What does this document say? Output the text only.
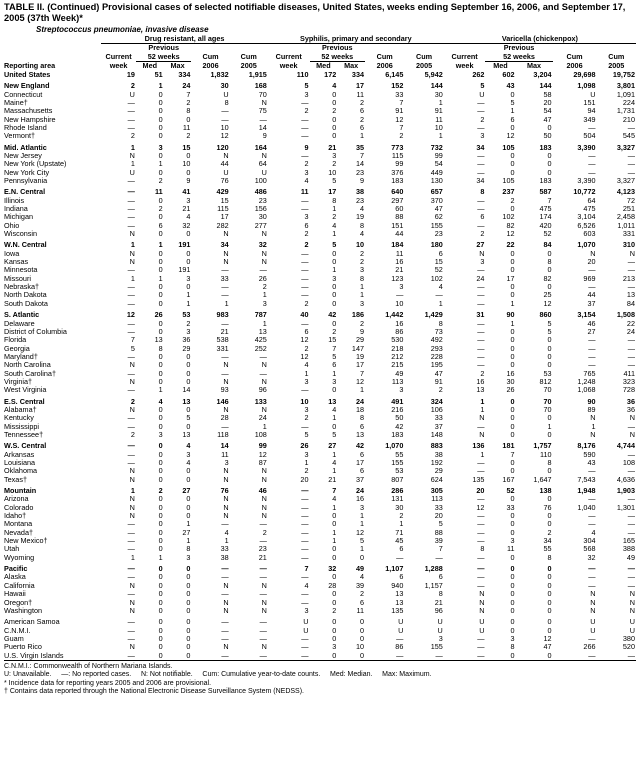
TABLE II. (Continued) Provisional cases of selected notifiable diseases, United States, weeks ending September 16, 2006, and September 17,
2005 (37th Week)*
Streptococcus pneumoniae, invasive disease

	Drug resistant, all ages					Syphilis, primary and secondary					Varicella (chickenpox)				

		Previous					Previous					Previous			
	Current	52 weeks		Cum	Cum	Current	52 weeks		Cum	Cum	Current	52 weeks		Cum	Cum
Reporting area	week	Med	Max	2006	2005	week	Med	Max	2006	2005	week	Med	Max	2006	2005
United States	19	51	334	1,832	1,915	110	172	334	6,145	5,942	262	602	3,204	29,698	19,752

New England	2	1	24	30	168	5	4	17	152	144	5	43	144	1,098	3,801
Connecticut	U	0	7	U	70	3	0	11	33	30	U	0	58	U	1,091
Maine†	—	0	2	8	N	—	0	2	7	1	—	5	20	151	224
Massachusetts	—	0	8	—	75	2	2	6	91	91	—	1	54	94	1,731
New Hampshire	—	0	0	—	—	—	0	2	12	11	2	6	47	349	210
Rhode Island	—	0	11	10	14	—	0	6	7	10	—	0	0	—	—
Vermont†	2	0	2	12	9	—	0	1	2	1	3	12	50	504	545

Mid. Atlantic	1	3	15	120	164	9	21	35	773	732	34	105	183	3,390	3,327
New Jersey	N	0	0	N	N	—	3	7	115	99	—	0	0	—	—
New York (Upstate)	1	1	10	44	64	2	2	14	99	54	—	0	0	—	—
New York City	U	0	0	U	U	3	10	23	376	449	—	0	0	—	—
Pennsylvania	—	2	9	76	100	4	5	9	183	130	34	105	183	3,390	3,327

E.N. Central	—	11	41	429	486	11	17	38	640	657	8	237	587	10,772	4,123
Illinois	—	0	3	15	23	—	8	23	297	370	—	2	7	64	72
Indiana	—	2	21	115	156	—	1	4	60	47	—	0	475	475	251
Michigan	—	0	4	17	30	3	2	19	88	62	6	102	174	3,104	2,458
Ohio	—	6	32	282	277	6	4	8	151	155	—	82	420	6,526	1,011
Wisconsin	N	0	0	N	N	2	1	4	44	23	2	12	52	603	331

W.N. Central	1	1	191	34	32	2	5	10	184	180	27	22	84	1,070	310
Iowa	N	0	0	N	N	—	0	2	11	6	N	0	0	N	N
Kansas	N	0	0	N	N	—	0	2	16	15	3	0	8	20	—
Minnesota	—	0	191	—	—	—	1	3	21	52	—	0	0	—	—
Missouri	1	1	3	33	26	—	3	8	123	102	24	17	82	969	213
Nebraska†	—	0	0	—	2	—	0	1	3	4	—	0	0	—	—
North Dakota	—	0	1	—	1	—	0	1	—	—	—	0	25	44	13
South Dakota	—	0	1	1	3	2	0	3	10	1	—	1	12	37	84

S. Atlantic	12	26	53	983	787	40	42	186	1,442	1,429	31	90	860	3,154	1,508
Delaware	—	0	2	—	1	—	0	2	16	8	—	1	5	46	22
District of Columbia	—	0	3	21	13	6	2	9	86	73	—	0	5	27	24
Florida	7	13	36	538	425	12	15	29	530	492	—	0	0	—	—
Georgia	5	8	29	331	252	2	7	147	218	293	—	0	0	—	—
Maryland†	—	0	0	—	—	12	5	19	212	228	—	0	0	—	—
North Carolina	N	0	0	N	N	4	6	17	215	195	—	0	0	—	—
South Carolina†	—	0	0	—	—	1	1	7	49	47	2	16	53	765	411
Virginia†	N	0	0	N	N	3	3	12	113	91	16	30	812	1,248	323
West Virginia	—	1	14	93	96	—	0	1	3	2	13	26	70	1,068	728

E.S. Central	2	4	13	146	133	10	13	24	491	324	1	0	70	90	36
Alabama†	N	0	0	N	N	3	4	18	216	106	1	0	70	89	36
Kentucky	—	0	5	28	24	2	1	8	50	33	N	0	0	N	N
Mississippi	—	0	0	—	1	—	0	6	42	37	—	0	1	1	—
Tennessee†	2	3	13	118	108	5	5	13	183	148	N	0	0	N	N

W.S. Central	—	0	4	14	99	26	27	42	1,070	883	136	181	1,757	8,176	4,744
Arkansas	—	0	3	11	12	3	1	6	55	38	1	7	110	590	—
Louisiana	—	0	4	3	87	1	4	17	155	192	—	0	8	43	108
Oklahoma	N	0	0	N	N	2	1	6	53	29	—	0	0	—	—
Texas†	N	0	0	N	N	20	21	37	807	624	135	167	1,647	7,543	4,636

Mountain	1	2	27	76	46	—	7	24	286	305	20	52	138	1,948	1,903
Arizona	N	0	0	N	N	—	4	16	131	113	—	0	0	—	—
Colorado	N	0	0	N	N	—	1	3	30	33	12	33	76	1,040	1,301
Idaho†	N	0	0	N	N	—	0	1	2	20	—	0	0	—	—
Montana	—	0	1	—	—	—	0	1	1	5	—	0	0	—	—
Nevada†	—	0	27	4	2	—	1	12	71	88	—	0	2	4	—
New Mexico†	—	0	1	1	—	—	1	5	45	39	—	3	34	304	165
Utah	—	0	8	33	23	—	0	1	6	7	8	11	55	568	388
Wyoming	1	1	3	38	21	—	0	0	—	—	—	0	8	32	49

Pacific	—	0	0	—	—	7	32	49	1,107	1,288	—	0	0	—	—
Alaska	—	0	0	—	—	—	0	4	6	6	—	0	0	—	—
California	N	0	0	N	N	4	28	39	940	1,157	—	0	0	—	—
Hawaii	—	0	0	—	—	—	0	2	13	8	N	0	0	N	N
Oregon†	N	0	0	N	N	—	0	6	13	21	N	0	0	N	N
Washington	N	0	0	N	N	3	2	11	135	96	N	0	0	N	N

American Samoa	—	0	0	—	—	U	0	0	U	U	U	0	0	U	U
C.N.M.I.	—	0	0	—	—	U	0	0	U	U	U	0	0	U	U
Guam	—	0	0	—	—	—	0	0	—	3	—	3	12	—	380
Puerto Rico	N	0	0	N	N	—	3	10	86	155	—	8	47	266	520
U.S. Virgin Islands	—	0	0	—	—	—	0	0	—	—	—	0	0	—	—
C.N.M.I.: Commonwealth of Northern Mariana Islands.
U: Unavailable.     —: No reported cases.     N: Not notifiable.     Cum: Cumulative year-to-date counts.     Med: Median.     Max: Maximum.
* Incidence data for reporting years 2005 and 2006 are provisional.
† Contains data reported through the National Electronic Disease Surveillance System (NEDSS).
